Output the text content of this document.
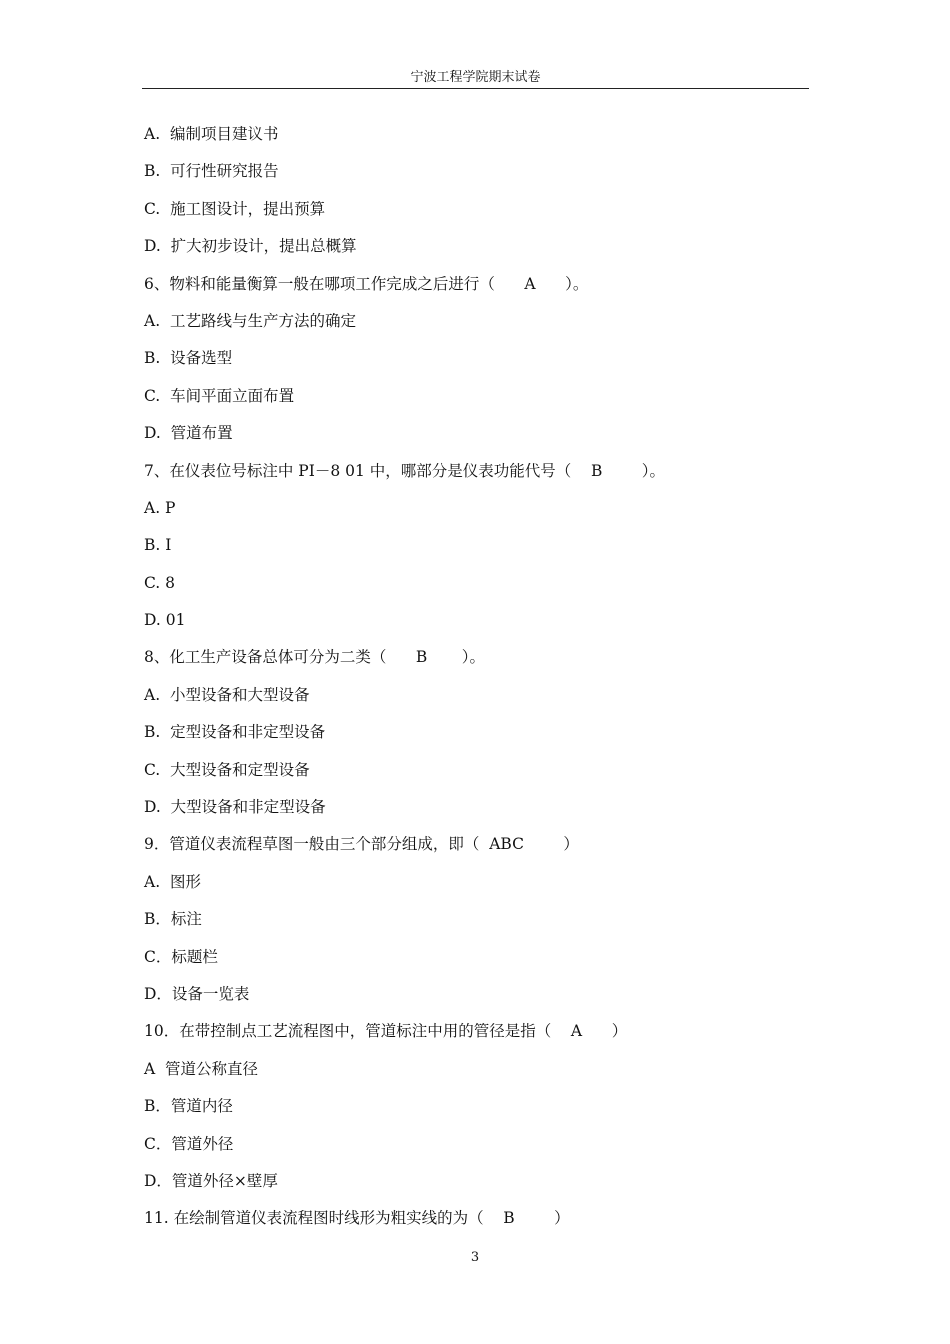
宁波工程学院期末试卷
A.  编制项目建议书
B.  可行性研究报告
C.  施工图设计，提出预算
D.  扩大初步设计，提出总概算
6、物料和能量衡算一般在哪项工作完成之后进行（      A      ）。
A.  工艺路线与生产方法的确定
B.  设备选型
C.  车间平面立面布置
D.  管道布置
7、在仪表位号标注中 PI－8 01 中，哪部分是仪表功能代号（    B        ）。
A. P
B. I
C. 8
D. 01
8、化工生产设备总体可分为二类（      B       ）。
A.  小型设备和大型设备
B.  定型设备和非定型设备
C.  大型设备和定型设备
D.  大型设备和非定型设备
9．管道仪表流程草图一般由三个部分组成，即（  ABC        ）
A.  图形
B．标注
C．标题栏
D．设备一览表
10．在带控制点工艺流程图中，管道标注中用的管径是指（    A      ）
A  管道公称直径
B．管道内径
C．管道外径
D．管道外径×壁厚
11. 在绘制管道仪表流程图时线形为粗实线的为（    B        ）
3
